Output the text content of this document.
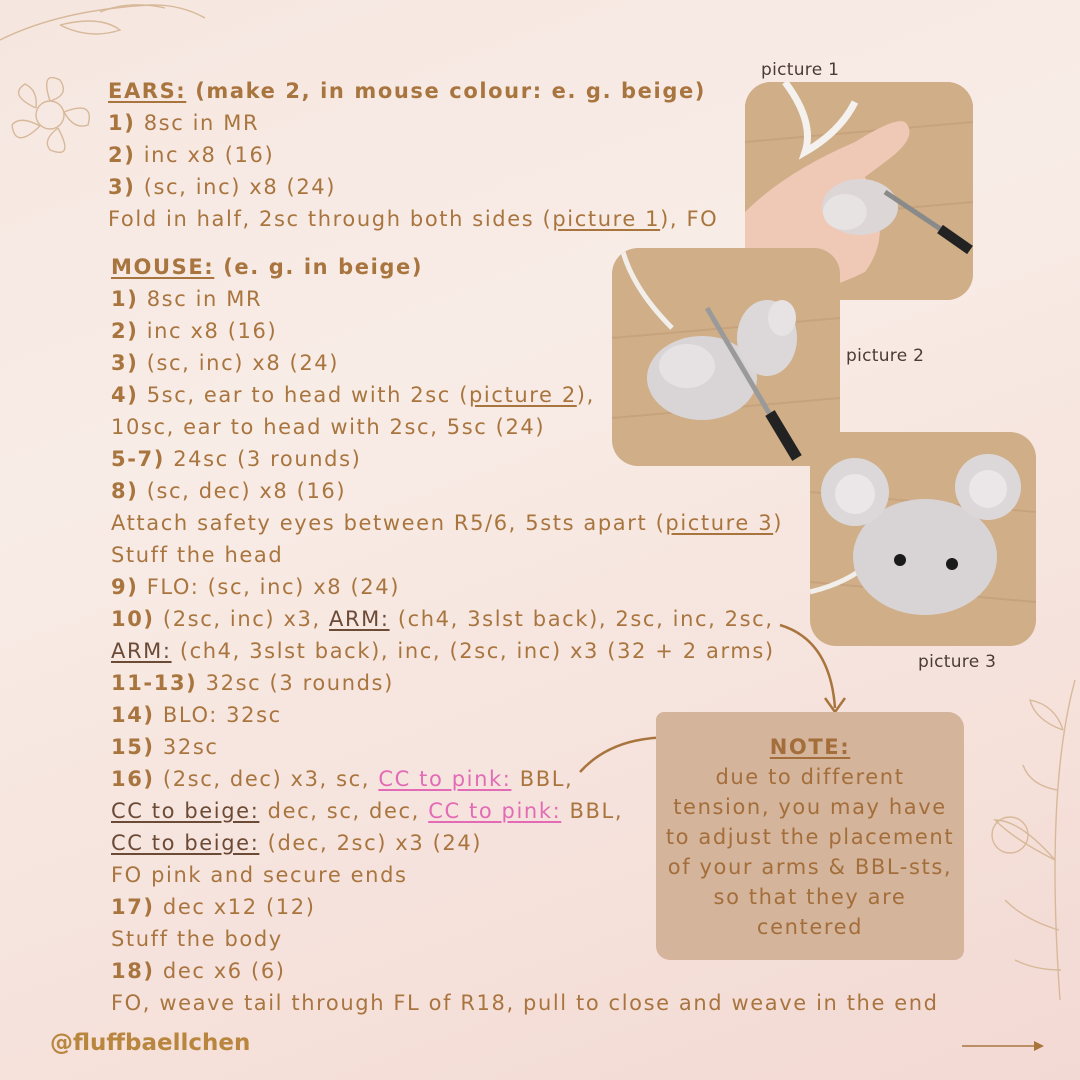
EARS: (make 2, in mouse colour: e. g. beige)
1) 8sc in MR
2) inc x8 (16)
3) (sc, inc) x8 (24)
Fold in half, 2sc through both sides (picture 1), FO
MOUSE: (e. g. in beige)
1) 8sc in MR
2) inc x8 (16)
3) (sc, inc) x8 (24)
4) 5sc, ear to head with 2sc (picture 2),
10sc, ear to head with 2sc, 5sc (24)
5-7) 24sc (3 rounds)
8) (sc, dec) x8 (16)
Attach safety eyes between R5/6, 5sts apart (picture 3)
Stuff the head
9) FLO: (sc, inc) x8 (24)
10) (2sc, inc) x3, ARM: (ch4, 3slst back), 2sc, inc, 2sc,
ARM: (ch4, 3slst back), inc, (2sc, inc) x3 (32 + 2 arms)
11-13) 32sc (3 rounds)
14) BLO: 32sc
15) 32sc
16) (2sc, dec) x3, sc, CC to pink: BBL,
CC to beige: dec, sc, dec, CC to pink: BBL,
CC to beige: (dec, 2sc) x3 (24)
FO pink and secure ends
17) dec x12 (12)
Stuff the body
18) dec x6 (6)
FO, weave tail through FL of R18, pull to close and weave in the end
picture 1
picture 2
picture 3
NOTE:
due to different
tension, you may have
to adjust the placement
of your arms & BBL-sts,
so that they are
centered
@fluffbaellchen
